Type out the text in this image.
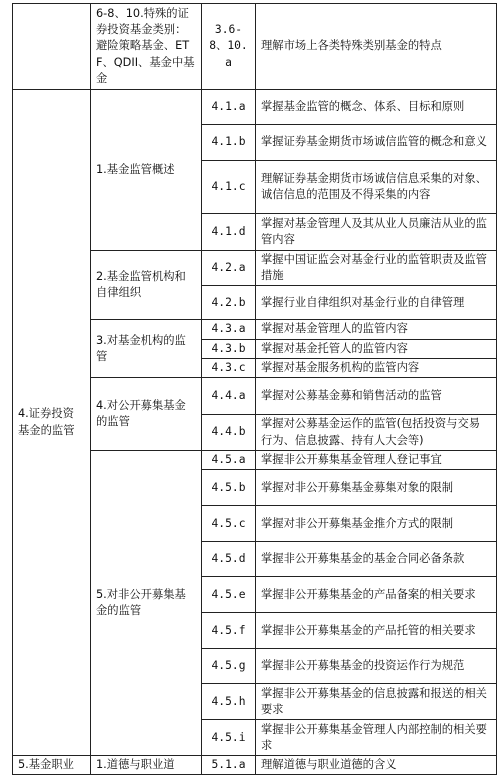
	6-8、10.特殊的证券投资基金类别：避险策略基金、ETF、QDII、基金中基金	3.6-8、10.a	理解市场上各类特殊类别基金的特点
4.证券投资基金的监管	1.基金监管概述	4.1.a	掌握基金监管的概念、体系、目标和原则
		4.1.b	掌握证券基金期货市场诚信监管的概念和意义
		4.1.c	理解证券基金期货市场诚信信息采集的对象、诚信信息的范围及不得采集的内容
		4.1.d	掌握对基金管理人及其从业人员廉洁从业的监管内容
	2.基金监管机构和自律组织	4.2.a	掌握中国证监会对基金行业的监管职责及监管措施
		4.2.b	掌握行业自律组织对基金行业的自律管理
	3.对基金机构的监管	4.3.a	掌握对基金管理人的监管内容
		4.3.b	掌握对基金托管人的监管内容
		4.3.c	掌握对基金服务机构的监管内容
	4.对公开募集基金的监管	4.4.a	掌握对公募基金募和销售活动的监管
		4.4.b	掌握对公募基金运作的监管(包括投资与交易行为、信息披露、持有人大会等)
	5.对非公开募集基金的监管	4.5.a	掌握非公开募集基金管理人登记事宜
		4.5.b	掌握对非公开募集基金募集对象的限制
		4.5.c	掌握对非公开募集基金推介方式的限制
		4.5.d	掌握非公开募集基金的基金合同必备条款
		4.5.e	掌握非公开募集基金的产品备案的相关要求
		4.5.f	掌握非公开募集基金的产品托管的相关要求
		4.5.g	掌握非公开募集基金的投资运作行为规范
		4.5.h	掌握非公开募集基金的信息披露和报送的相关要求
		4.5.i	掌握非公开募集基金管理人内部控制的相关要求
5.基金职业	1.道德与职业道	5.1.a	理解道德与职业道德的含义
